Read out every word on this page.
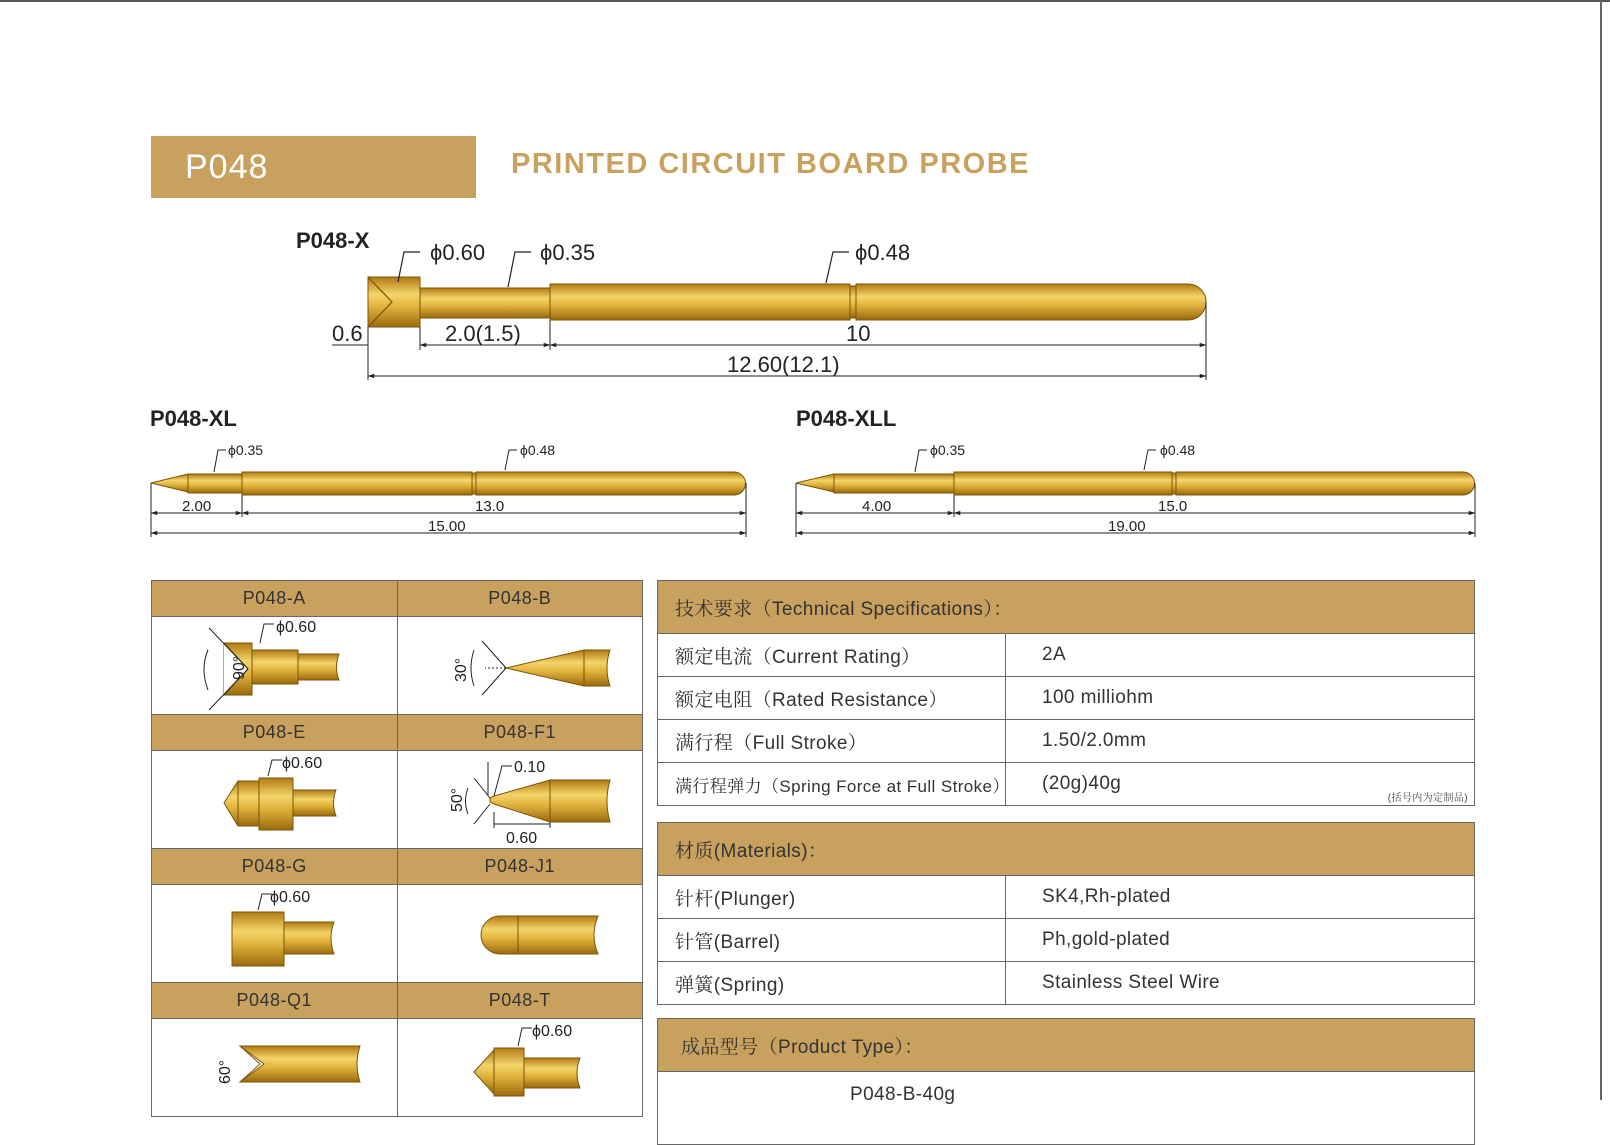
P048	PRINTED CIRCUIT BOARD PROBE
P048-X	ϕ0.60 ϕ0.35	ϕ0.48
0.6	2.0(1.5)	10
12.60(12.1)
P048-XL
ϕ0.35	ϕ0.48
2.00	13.0
15.00
P048-XLL
ϕ0.35	ϕ0.48
4.00	15.0
19.00
P048-A	P048-B

ϕ0.60
90°	30°

P048-E	P048-F1

ϕ0.60	0.10
50°
0.60

P048-G	P048-J1

ϕ0.60

P048-Q1	P048-T

60°	ϕ0.60
技术要求（Technical Specifications）：	
额定电流（Current Rating）	2A
额定电阻（Rated Resistance）	100 milliohm
满行程（Full Stroke）	1.50/2.0mm
满行程弹力（Spring Force at Full Stroke）	(20g)40g
(括号内为定制品)
材质(Materials)：	
针杆(Plunger)	SK4,Rh-plated
针管(Barrel)	Ph,gold-plated
弹簧(Spring)	Stainless Steel Wire
成品型号（Product Type）：
P048-B-40g
